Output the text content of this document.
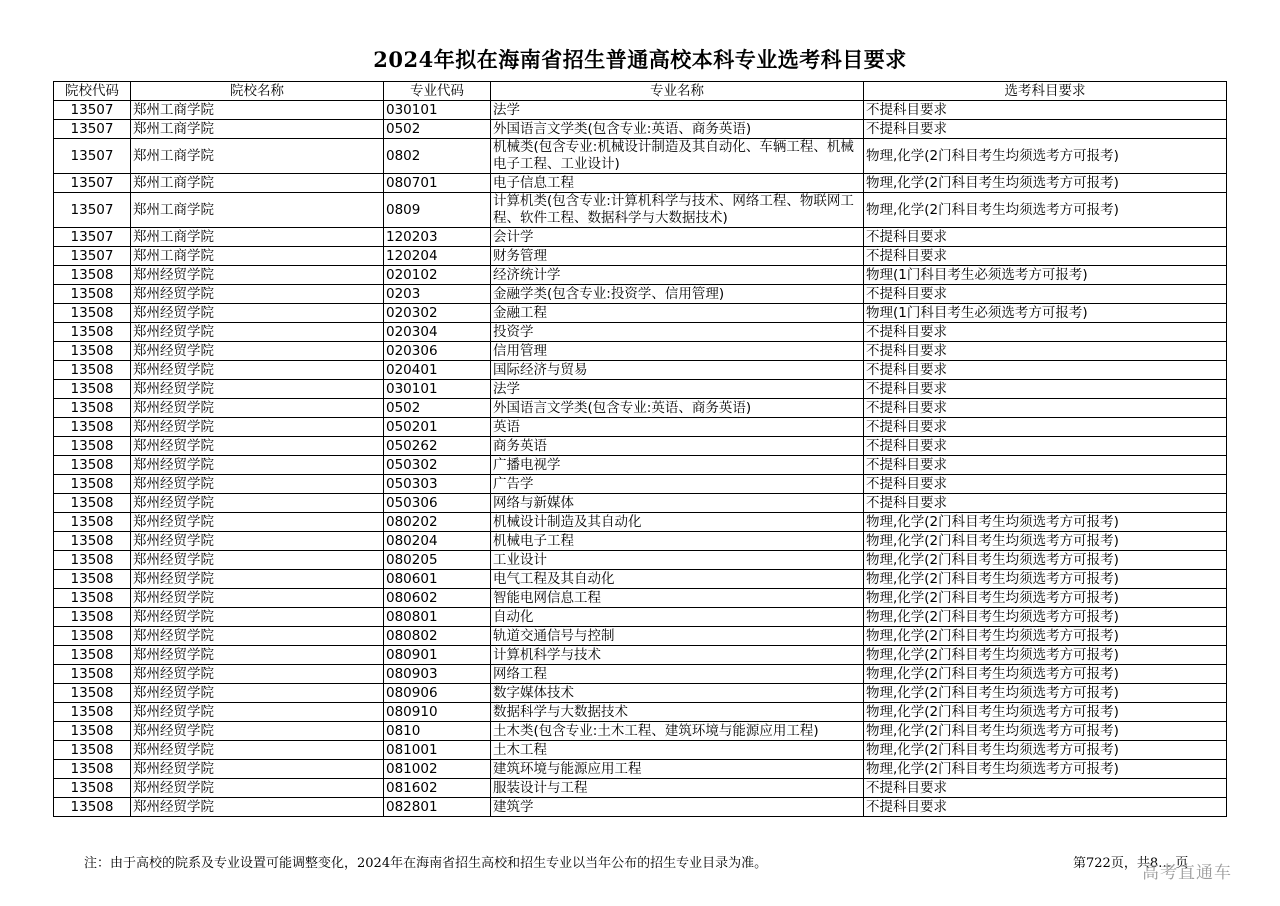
2024年拟在海南省招生普通高校本科专业选考科目要求
院校代码	院校名称	专业代码	专业名称	选考科目要求
13507	郑州工商学院	030101	法学	不提科目要求
13507	郑州工商学院	0502	外国语言文学类(包含专业:英语、商务英语)	不提科目要求
13507	郑州工商学院	0802	机械类(包含专业:机械设计制造及其自动化、车辆工程、机械电子工程、工业设计)	物理,化学(2门科目考生均须选考方可报考)
13507	郑州工商学院	080701	电子信息工程	物理,化学(2门科目考生均须选考方可报考)
13507	郑州工商学院	0809	计算机类(包含专业:计算机科学与技术、网络工程、物联网工程、软件工程、数据科学与大数据技术)	物理,化学(2门科目考生均须选考方可报考)
13507	郑州工商学院	120203	会计学	不提科目要求
13507	郑州工商学院	120204	财务管理	不提科目要求
13508	郑州经贸学院	020102	经济统计学	物理(1门科目考生必须选考方可报考)
13508	郑州经贸学院	0203	金融学类(包含专业:投资学、信用管理)	不提科目要求
13508	郑州经贸学院	020302	金融工程	物理(1门科目考生必须选考方可报考)
13508	郑州经贸学院	020304	投资学	不提科目要求
13508	郑州经贸学院	020306	信用管理	不提科目要求
13508	郑州经贸学院	020401	国际经济与贸易	不提科目要求
13508	郑州经贸学院	030101	法学	不提科目要求
13508	郑州经贸学院	0502	外国语言文学类(包含专业:英语、商务英语)	不提科目要求
13508	郑州经贸学院	050201	英语	不提科目要求
13508	郑州经贸学院	050262	商务英语	不提科目要求
13508	郑州经贸学院	050302	广播电视学	不提科目要求
13508	郑州经贸学院	050303	广告学	不提科目要求
13508	郑州经贸学院	050306	网络与新媒体	不提科目要求
13508	郑州经贸学院	080202	机械设计制造及其自动化	物理,化学(2门科目考生均须选考方可报考)
13508	郑州经贸学院	080204	机械电子工程	物理,化学(2门科目考生均须选考方可报考)
13508	郑州经贸学院	080205	工业设计	物理,化学(2门科目考生均须选考方可报考)
13508	郑州经贸学院	080601	电气工程及其自动化	物理,化学(2门科目考生均须选考方可报考)
13508	郑州经贸学院	080602	智能电网信息工程	物理,化学(2门科目考生均须选考方可报考)
13508	郑州经贸学院	080801	自动化	物理,化学(2门科目考生均须选考方可报考)
13508	郑州经贸学院	080802	轨道交通信号与控制	物理,化学(2门科目考生均须选考方可报考)
13508	郑州经贸学院	080901	计算机科学与技术	物理,化学(2门科目考生均须选考方可报考)
13508	郑州经贸学院	080903	网络工程	物理,化学(2门科目考生均须选考方可报考)
13508	郑州经贸学院	080906	数字媒体技术	物理,化学(2门科目考生均须选考方可报考)
13508	郑州经贸学院	080910	数据科学与大数据技术	物理,化学(2门科目考生均须选考方可报考)
13508	郑州经贸学院	0810	土木类(包含专业:土木工程、建筑环境与能源应用工程)	物理,化学(2门科目考生均须选考方可报考)
13508	郑州经贸学院	081001	土木工程	物理,化学(2门科目考生均须选考方可报考)
13508	郑州经贸学院	081002	建筑环境与能源应用工程	物理,化学(2门科目考生均须选考方可报考)
13508	郑州经贸学院	081602	服装设计与工程	不提科目要求
13508	郑州经贸学院	082801	建筑学	不提科目要求
注：由于高校的院系及专业设置可能调整变化，2024年在海南省招生高校和招生专业以当年公布的招生专业目录为准。	第722页，共8… 页
高考直通车
